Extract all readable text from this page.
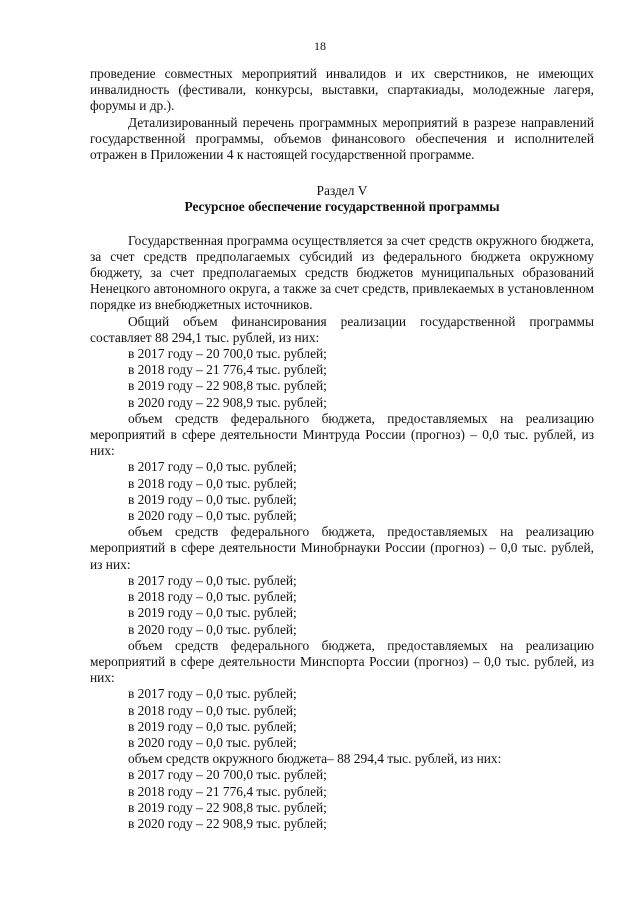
18

проведение совместных мероприятий инвалидов и их сверстников, не имеющих инвалидность (фестивали, конкурсы, выставки, спартакиады, молодежные лагеря, форумы и др.).

Детализированный перечень программных мероприятий в разрезе направлений государственной программы, объемов финансового обеспечения и исполнителей отражен в Приложении 4 к настоящей государственной программе.

Раздел V

Ресурсное обеспечение государственной программы

Государственная программа осуществляется за счет средств окружного бюджета, за счет средств предполагаемых субсидий из федерального бюджета окружному бюджету, за счет предполагаемых средств бюджетов муниципальных образований Ненецкого автономного округа, а также за счет средств, привлекаемых в установленном порядке из внебюджетных источников.

Общий объем финансирования реализации государственной программы составляет 88 294,1 тыс. рублей, из них:

в 2017 году – 20 700,0 тыс. рублей;

в 2018 году – 21 776,4 тыс. рублей;

в 2019 году – 22 908,8 тыс. рублей;

в 2020 году – 22 908,9 тыс. рублей;

объем средств федерального бюджета, предоставляемых на реализацию мероприятий в сфере деятельности Минтруда России (прогноз) – 0,0 тыс. рублей, из них:

в 2017 году – 0,0 тыс. рублей;

в 2018 году – 0,0 тыс. рублей;

в 2019 году – 0,0 тыс. рублей;

в 2020 году – 0,0 тыс. рублей;

объем средств федерального бюджета, предоставляемых на реализацию мероприятий в сфере деятельности Минобрнауки России (прогноз) – 0,0 тыс. рублей, из них:

в 2017 году – 0,0 тыс. рублей;

в 2018 году – 0,0 тыс. рублей;

в 2019 году – 0,0 тыс. рублей;

в 2020 году – 0,0 тыс. рублей;

объем средств федерального бюджета, предоставляемых на реализацию мероприятий в сфере деятельности Минспорта России (прогноз) – 0,0 тыс. рублей, из них:

в 2017 году – 0,0 тыс. рублей;

в 2018 году – 0,0 тыс. рублей;

в 2019 году – 0,0 тыс. рублей;

в 2020 году – 0,0 тыс. рублей;

объем средств окружного бюджета– 88 294,4 тыс. рублей, из них:

в 2017 году – 20 700,0 тыс. рублей;

в 2018 году – 21 776,4 тыс. рублей;

в 2019 году – 22 908,8 тыс. рублей;

в 2020 году – 22 908,9 тыс. рублей;
